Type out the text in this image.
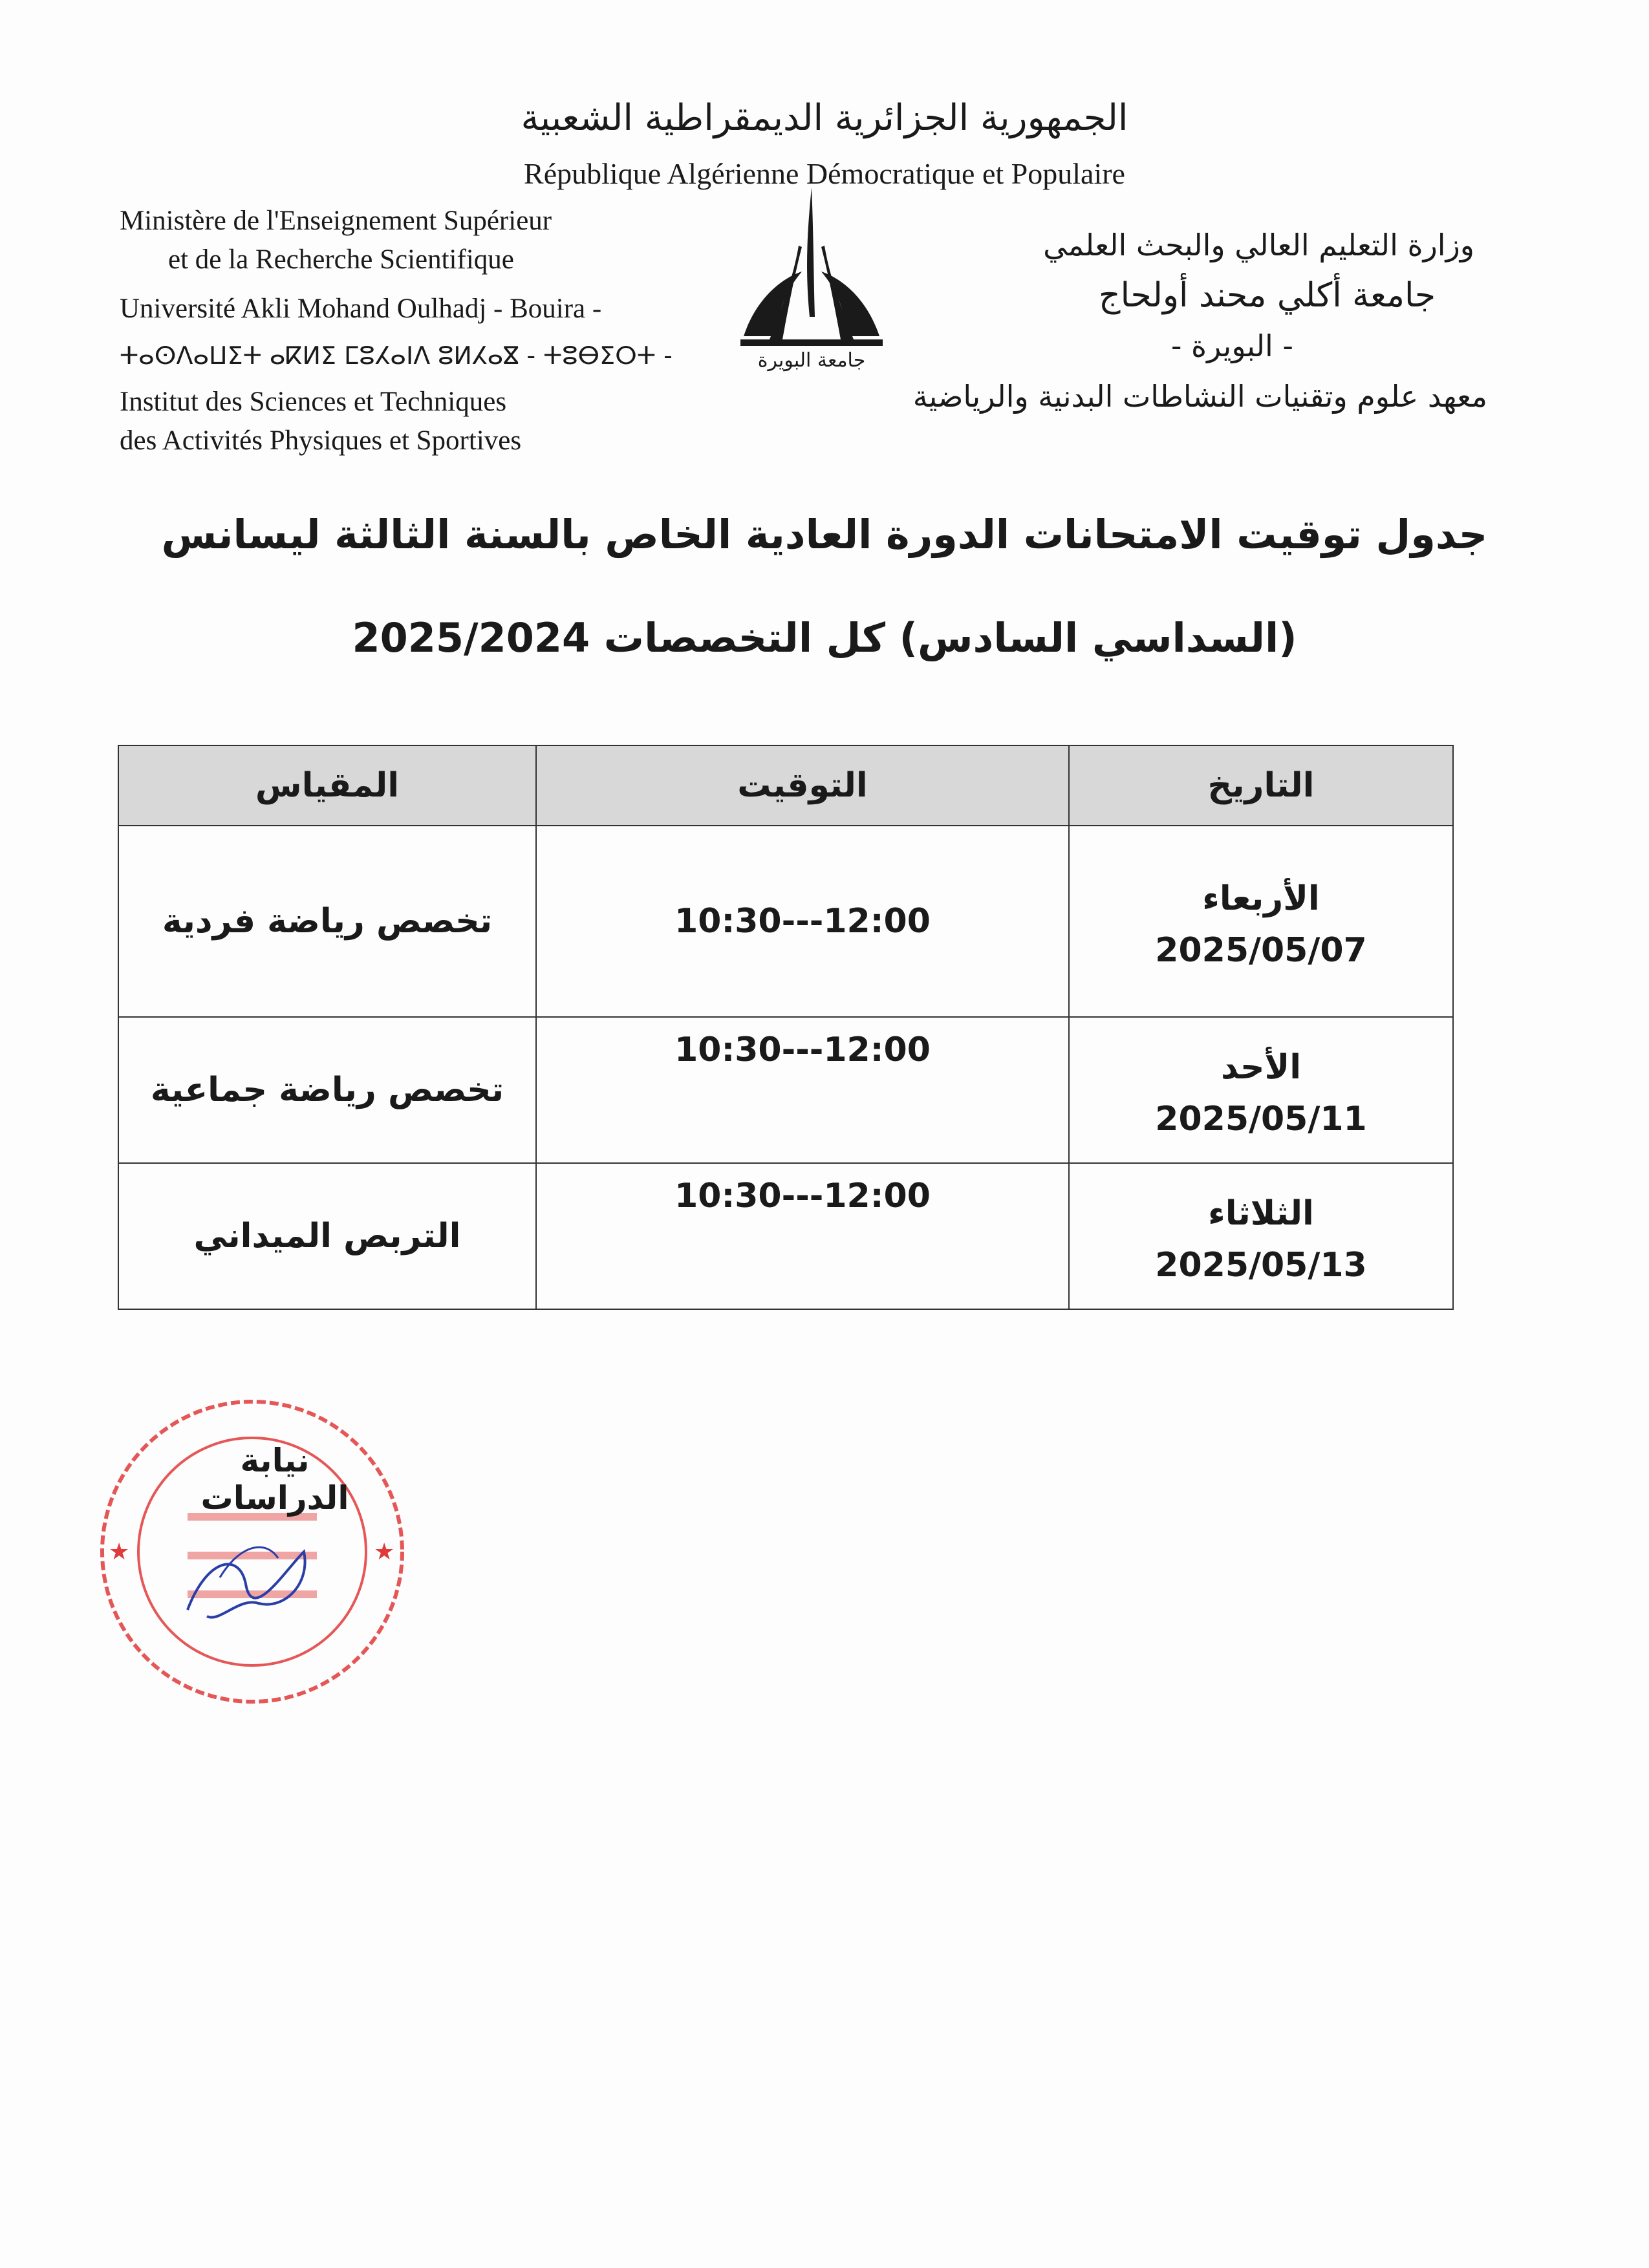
الجمهورية الجزائرية الديمقراطية الشعبية
République Algérienne Démocratique et Populaire
Ministère de l'Enseignement Supérieur
et de la Recherche Scientifique
Université Akli Mohand Oulhadj - Bouira -
ⵜⴰⵙⴷⴰⵡⵉⵜ ⴰⴽⵍⵉ ⵎⵓⵃⴰⵏⴷ ⵓⵍⵃⴰⴵ - ⵜⵓⴱⵉⵔⵜ -
Institut des Sciences et Techniques
des Activités Physiques et Sportives
جامعة البويرة
وزارة التعليم العالي والبحث العلمي
جامعة أكلي محند أولحاج
- البويرة -
معهد علوم وتقنيات النشاطات البدنية والرياضية
جدول توقيت الامتحانات الدورة العادية الخاص بالسنة الثالثة ليسانس
(السداسي السادس) كل التخصصات 2025/2024
التاريخ	التوقيت	المقياس

الأربعاء
2025/05/07	10:30---12:00	تخصص رياضة فردية

الأحد
2025/05/11	10:30---12:00	تخصص رياضة جماعية

الثلاثاء
2025/05/13	10:30---12:00	التربص الميداني
★	★
نيابة الدراسات
